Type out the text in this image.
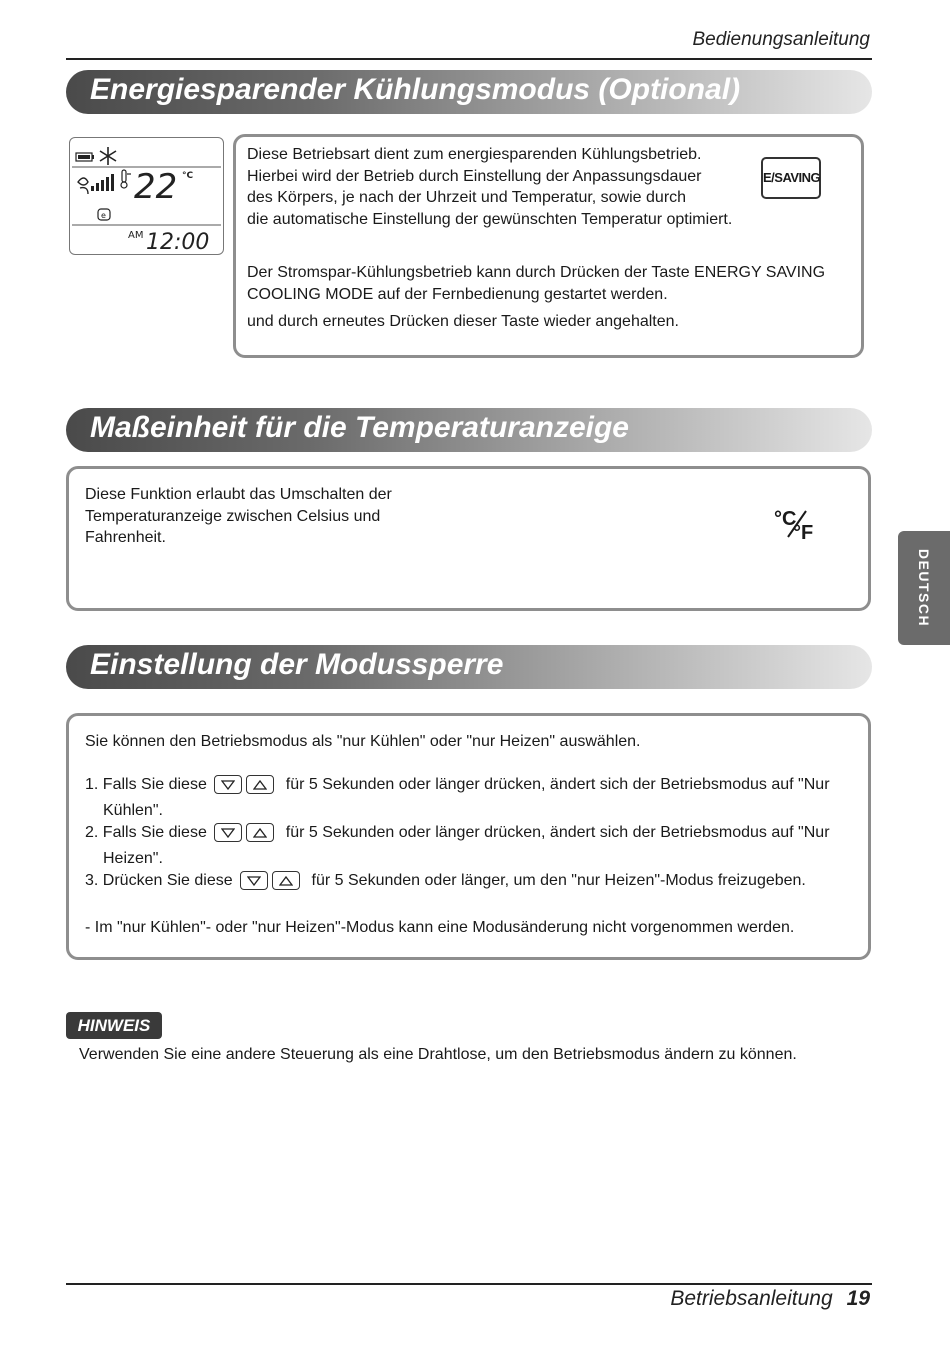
Bedienungsanleitung
Energiesparender Kühlungsmodus (Optional)
22 °C
e
AM 12:00
Diese Betriebsart dient zum energiesparenden Kühlungsbetrieb.
Hierbei wird der Betrieb durch Einstellung der Anpassungsdauer
des Körpers, je nach der Uhrzeit und Temperatur, sowie durch
die automatische Einstellung der gewünschten Temperatur optimiert.
E/SAVING
Der Stromspar-Kühlungsbetrieb kann durch Drücken der Taste ENERGY SAVING
COOLING MODE auf der Fernbedienung gestartet werden.
und durch erneutes Drücken dieser Taste wieder angehalten.
Maßeinheit für die Temperaturanzeige
Diese Funktion erlaubt das Umschalten der
Temperaturanzeige zwischen Celsius und
Fahrenheit.
°C
°F
DEUTSCH
Einstellung der Modussperre
Sie können den Betriebsmodus als "nur Kühlen" oder "nur Heizen" auswählen.
1. Falls Sie diese	für 5 Sekunden oder länger drücken, ändert sich der Betriebsmodus auf "Nur
Kühlen".
2. Falls Sie diese	für 5 Sekunden oder länger drücken, ändert sich der Betriebsmodus auf "Nur
Heizen".
3. Drücken Sie diese	für 5 Sekunden oder länger, um den "nur Heizen"-Modus freizugeben.
- Im "nur Kühlen"- oder "nur Heizen"-Modus kann eine Modusänderung nicht vorgenommen werden.
HINWEIS
Verwenden Sie eine andere Steuerung als eine Drahtlose, um den Betriebsmodus ändern zu können.
Betriebsanleitung 19
